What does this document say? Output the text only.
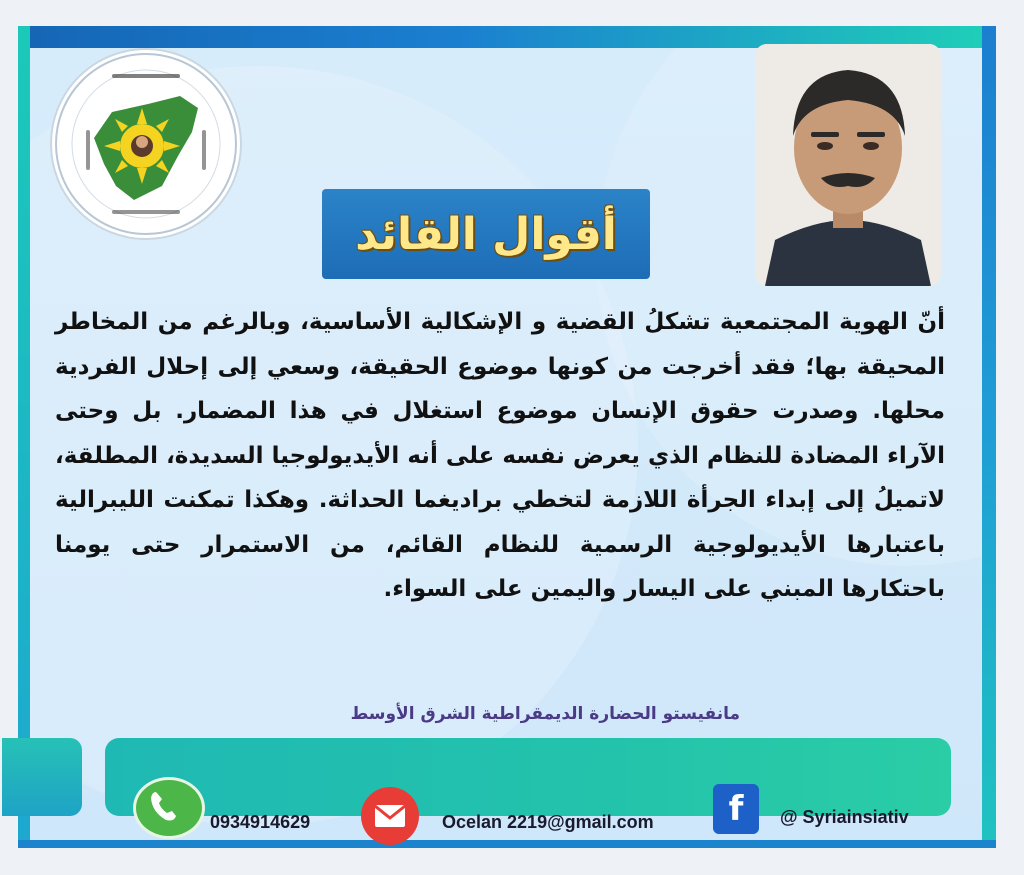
أقوال القائد
أنّ الهوية المجتمعية تشكلُ القضية و الإشكالية الأساسية، وبالرغم من المخاطر المحيقة بها؛ فقد أخرجت من كونها موضوع الحقيقة، وسعي إلى إحلال الفردية محلها. وصدرت حقوق الإنسان موضوع استغلال في هذا المضمار. بل وحتى الآراء المضادة للنظام الذي يعرض نفسه على أنه الأيديولوجيا السديدة، المطلقة، لاتميلُ إلى إبداء الجرأة اللازمة لتخطي براديغما الحداثة. وهكذا تمكنت الليبرالية باعتبارها الأيديولوجية الرسمية للنظام القائم، من الاستمرار حتى يومنا باحتكارها المبني على اليسار واليمين على السواء.
مانفيستو الحضارة الديمقراطية الشرق الأوسط
0934914629	Ocelan 2219@gmail.com	f	@ Syriainsiativ
